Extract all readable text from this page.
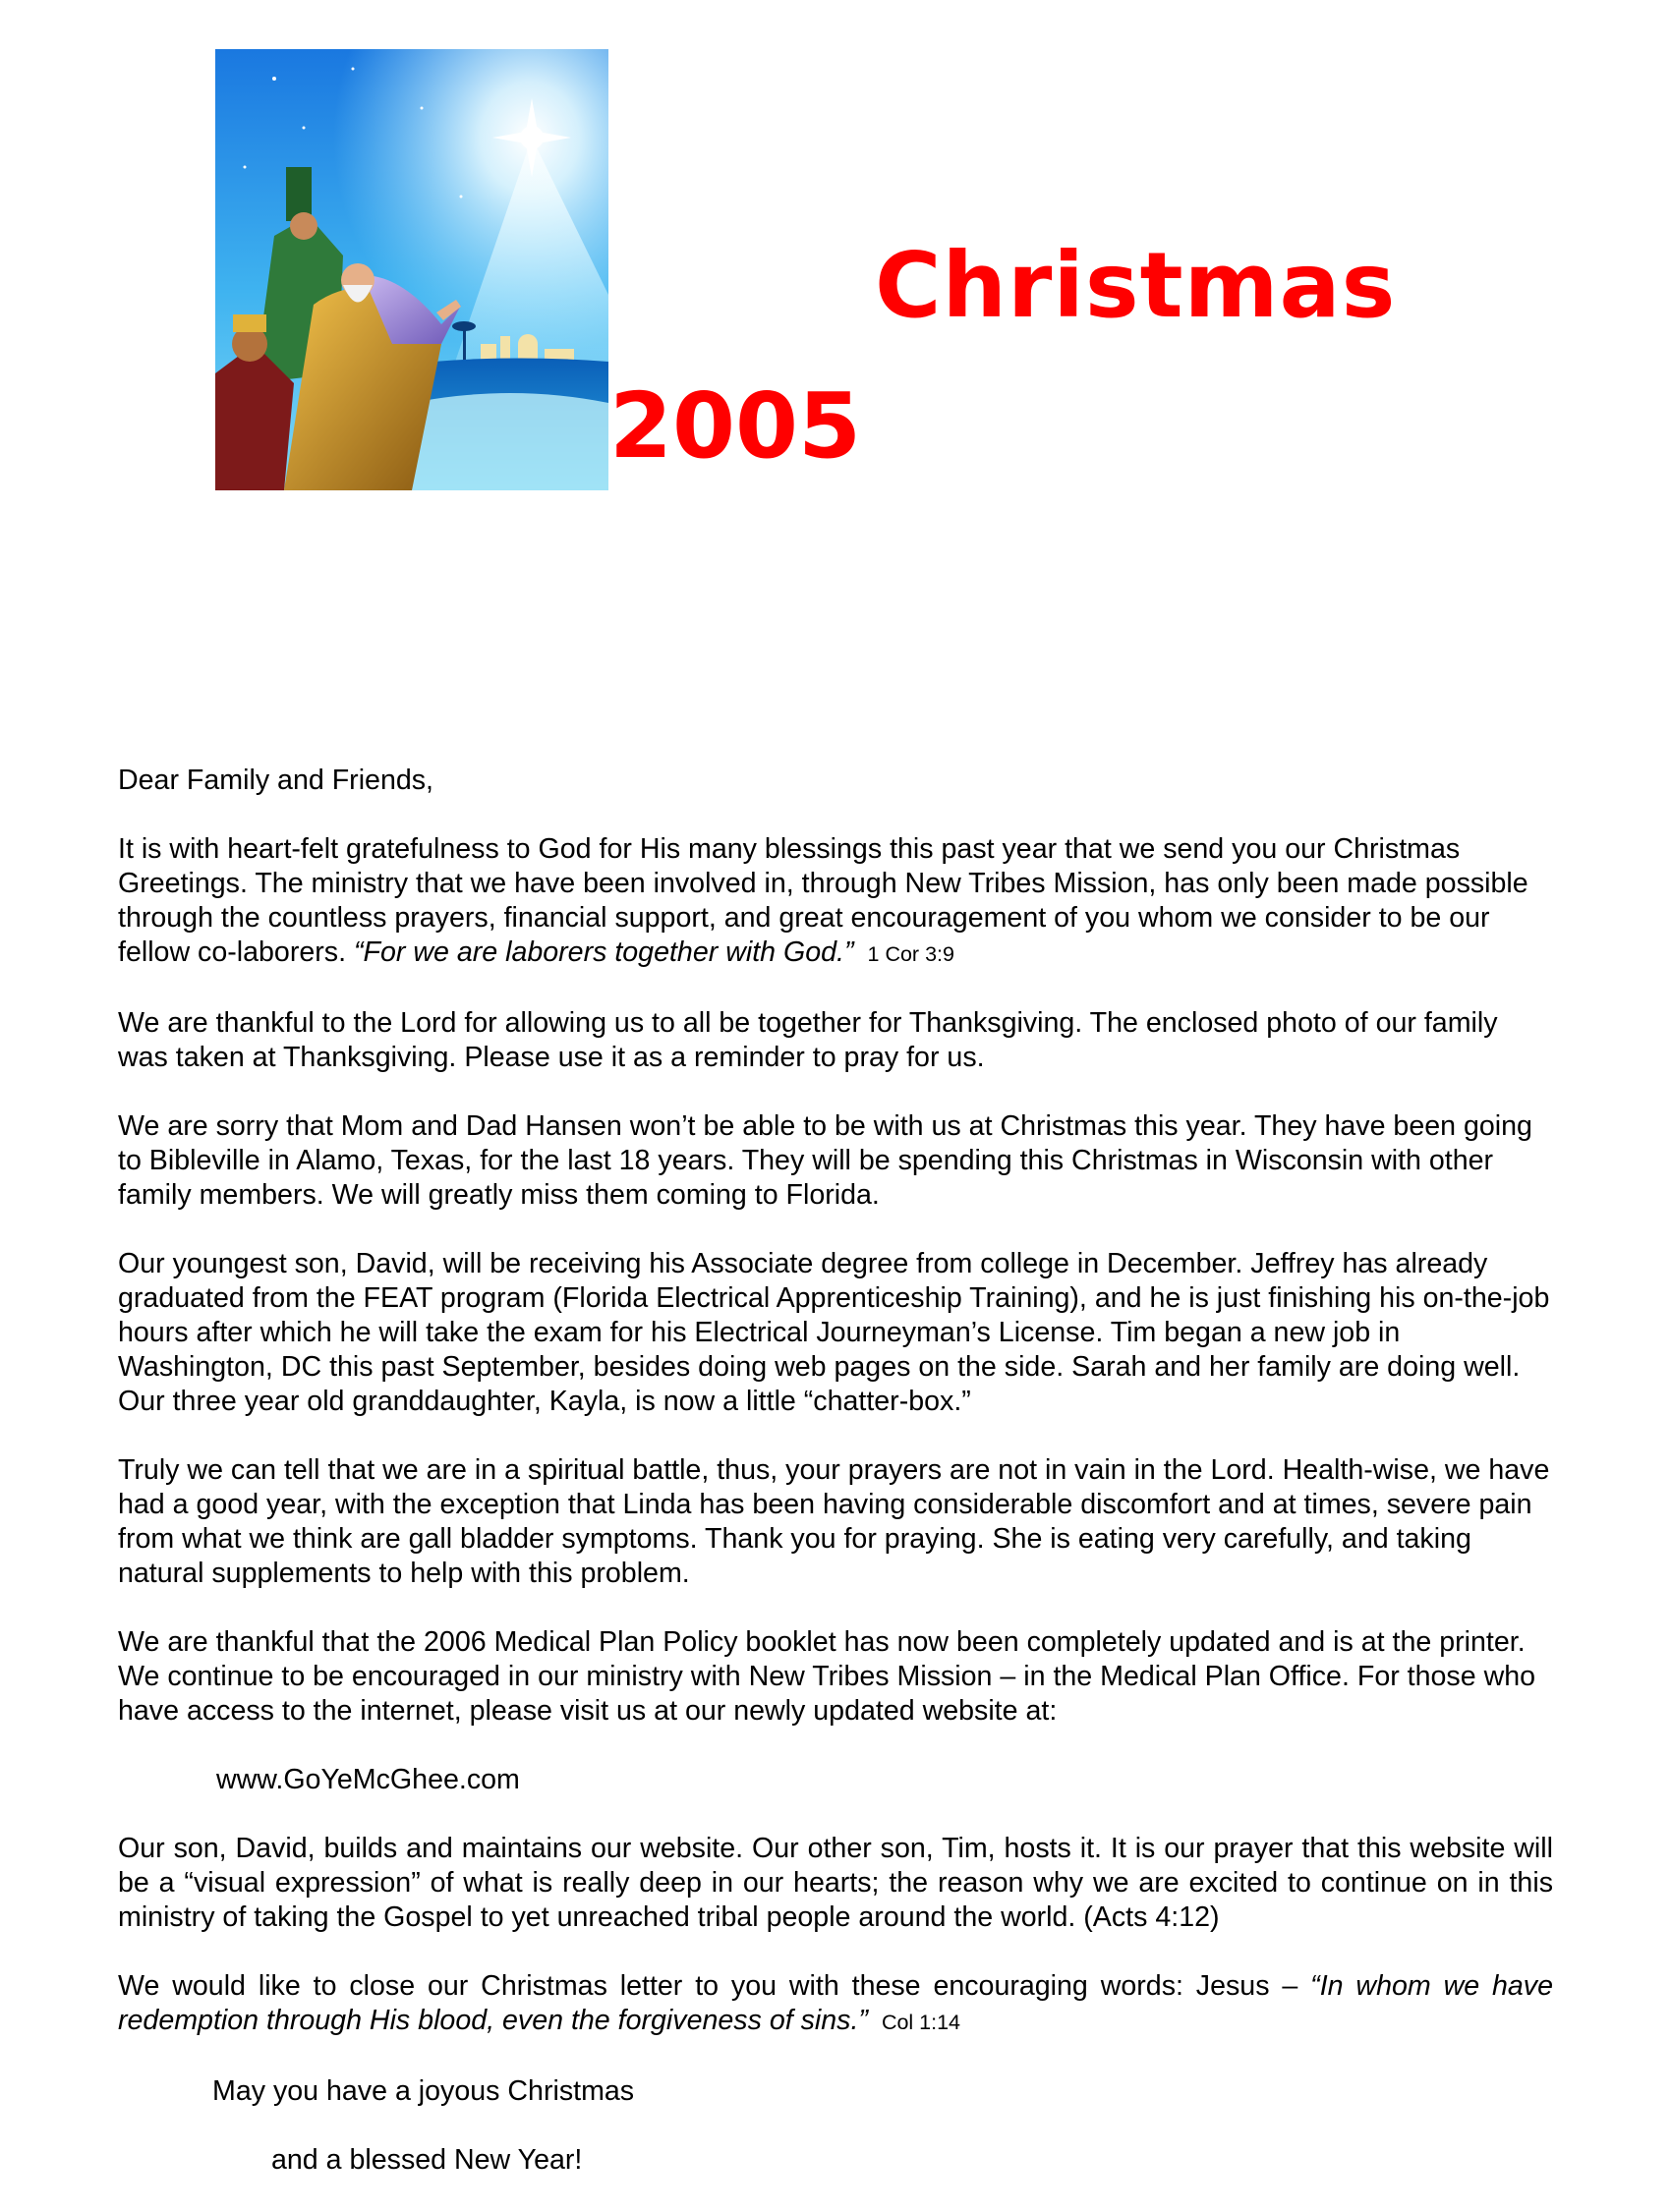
Christmas
2005

Dear Family and Friends,

It is with heart-felt gratefulness to God for His many blessings this past year that we send you our Christmas Greetings. The ministry that we have been involved in, through New Tribes Mission, has only been made possible through the countless prayers, financial support, and great encouragement of you whom we consider to be our fellow co-laborers. “For we are laborers together with God.” 1 Cor 3:9

We are thankful to the Lord for allowing us to all be together for Thanksgiving. The enclosed photo of our family was taken at Thanksgiving. Please use it as a reminder to pray for us.

We are sorry that Mom and Dad Hansen won’t be able to be with us at Christmas this year. They have been going to Bibleville in Alamo, Texas, for the last 18 years. They will be spending this Christmas in Wisconsin with other family members. We will greatly miss them coming to Florida.

Our youngest son, David, will be receiving his Associate degree from college in December. Jeffrey has already graduated from the FEAT program (Florida Electrical Apprenticeship Training), and he is just finishing his on-the-job hours after which he will take the exam for his Electrical Journeyman’s License. Tim began a new job in Washington, DC this past September, besides doing web pages on the side. Sarah and her family are doing well. Our three year old granddaughter, Kayla, is now a little “chatter-box.”

Truly we can tell that we are in a spiritual battle, thus, your prayers are not in vain in the Lord. Health-wise, we have had a good year, with the exception that Linda has been having considerable discomfort and at times, severe pain from what we think are gall bladder symptoms. Thank you for praying. She is eating very carefully, and taking natural supplements to help with this problem.

We are thankful that the 2006 Medical Plan Policy booklet has now been completely updated and is at the printer. We continue to be encouraged in our ministry with New Tribes Mission – in the Medical Plan Office. For those who have access to the internet, please visit us at our newly updated website at:

www.GoYeMcGhee.com

Our son, David, builds and maintains our website. Our other son, Tim, hosts it. It is our prayer that this website will be a “visual expression” of what is really deep in our hearts; the reason why we are excited to continue on in this ministry of taking the Gospel to yet unreached tribal people around the world. (Acts 4:12)

We would like to close our Christmas letter to you with these encouraging words: Jesus – “In whom we have redemption through His blood, even the forgiveness of sins.” Col 1:14

May you have a joyous Christmas

and a blessed New Year!
